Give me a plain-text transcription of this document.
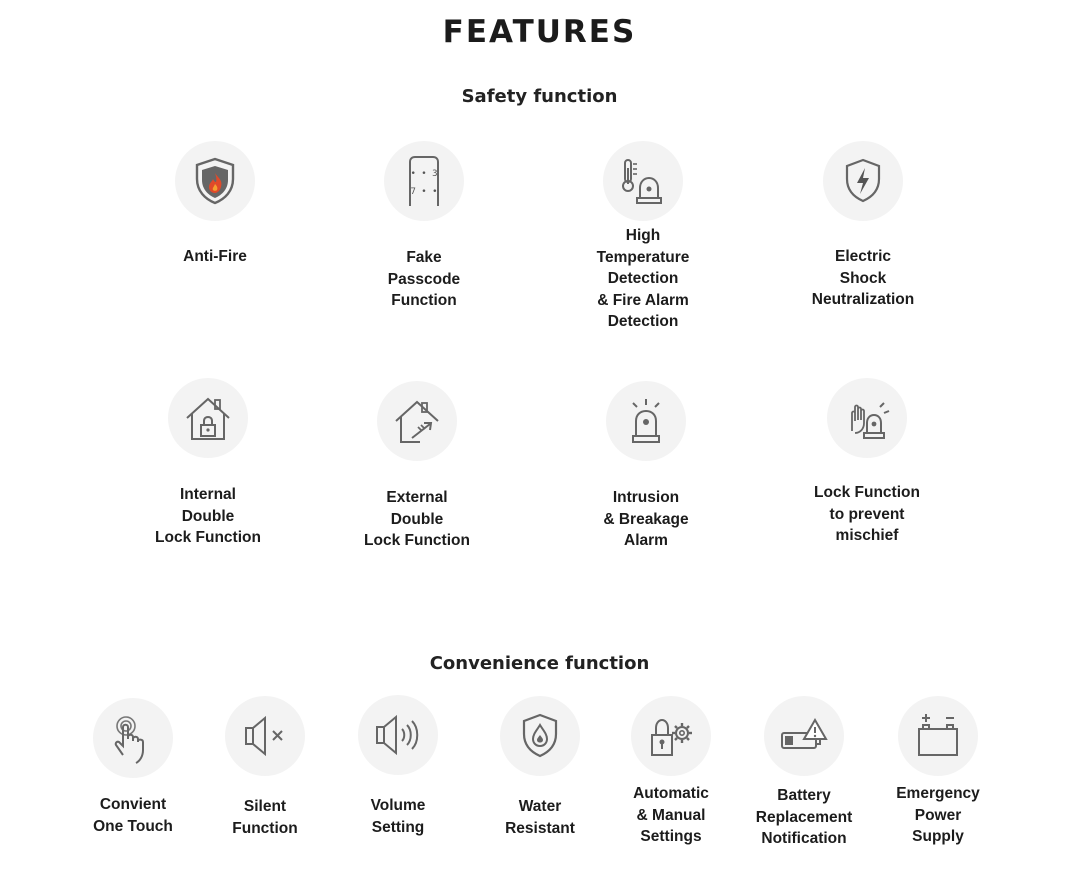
FEATURES
Safety function
Anti-Fire
• • 3
7 • •
Fake
Passcode
Function
High
Temperature
Detection
& Fire Alarm
Detection
Electric
Shock
Neutralization
Internal
Double
Lock Function
External
Double
Lock Function
Intrusion
& Breakage
Alarm
Lock Function
to prevent
mischief
Convenience function
Convient
One Touch
Silent
Function
Volume
Setting
Water
Resistant
Automatic
& Manual
Settings
Battery
Replacement
Notification
Emergency
Power
Supply
